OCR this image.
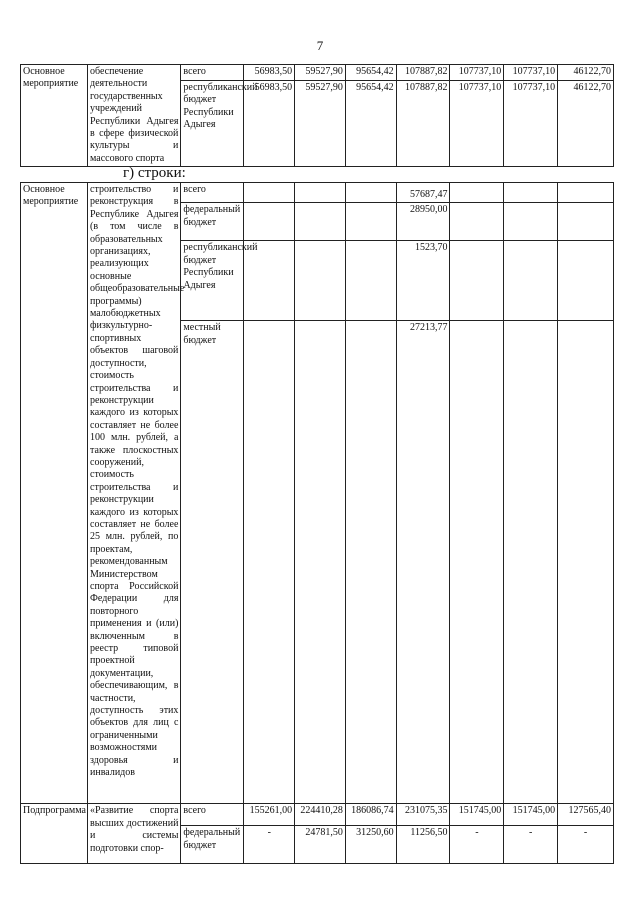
7
Основное мероприятие	обеспечение деятельности государственных учреждений Республики Адыгея в сфере физической культуры и массового спорта	всего	56983,50	59527,90	95654,42	107887,82	107737,10	107737,10	46122,70
		республиканский бюджет Республики Адыгея	56983,50	59527,90	95654,42	107887,82	107737,10	107737,10	46122,70
г) строки:
Основное мероприятие	строительство и реконструкция в Республике Адыгея (в том числе в образовательных организациях, реализующих основные общеобразовательные программы) малобюджетных физкультурно-спортивных объектов шаговой доступности, стоимость строительства и реконструкции каждого из которых составляет не более 100 млн. рублей, а также плоскостных сооружений, стоимость строительства и реконструкции каждого из которых составляет не более 25 млн. рублей, по проектам, рекомендованным Министерством спорта Российской Федерации для повторного применения и (или) включенным в реестр типовой проектной документации, обеспечивающим, в частности, доступность этих объектов для лиц с ограниченными возможностями здоровья и инвалидов	всего				57687,47			
		федеральный бюджет				28950,00			
		республиканский бюджет Республики Адыгея				1523,70			
		местный бюджет				27213,77			
Подпрограмма	«Развитие спорта высших достижений и системы подготовки спор-	всего	155261,00	224410,28	186086,74	231075,35	151745,00	151745,00	127565,40
		федеральный бюджет	-	24781,50	31250,60	11256,50	-	-	-
